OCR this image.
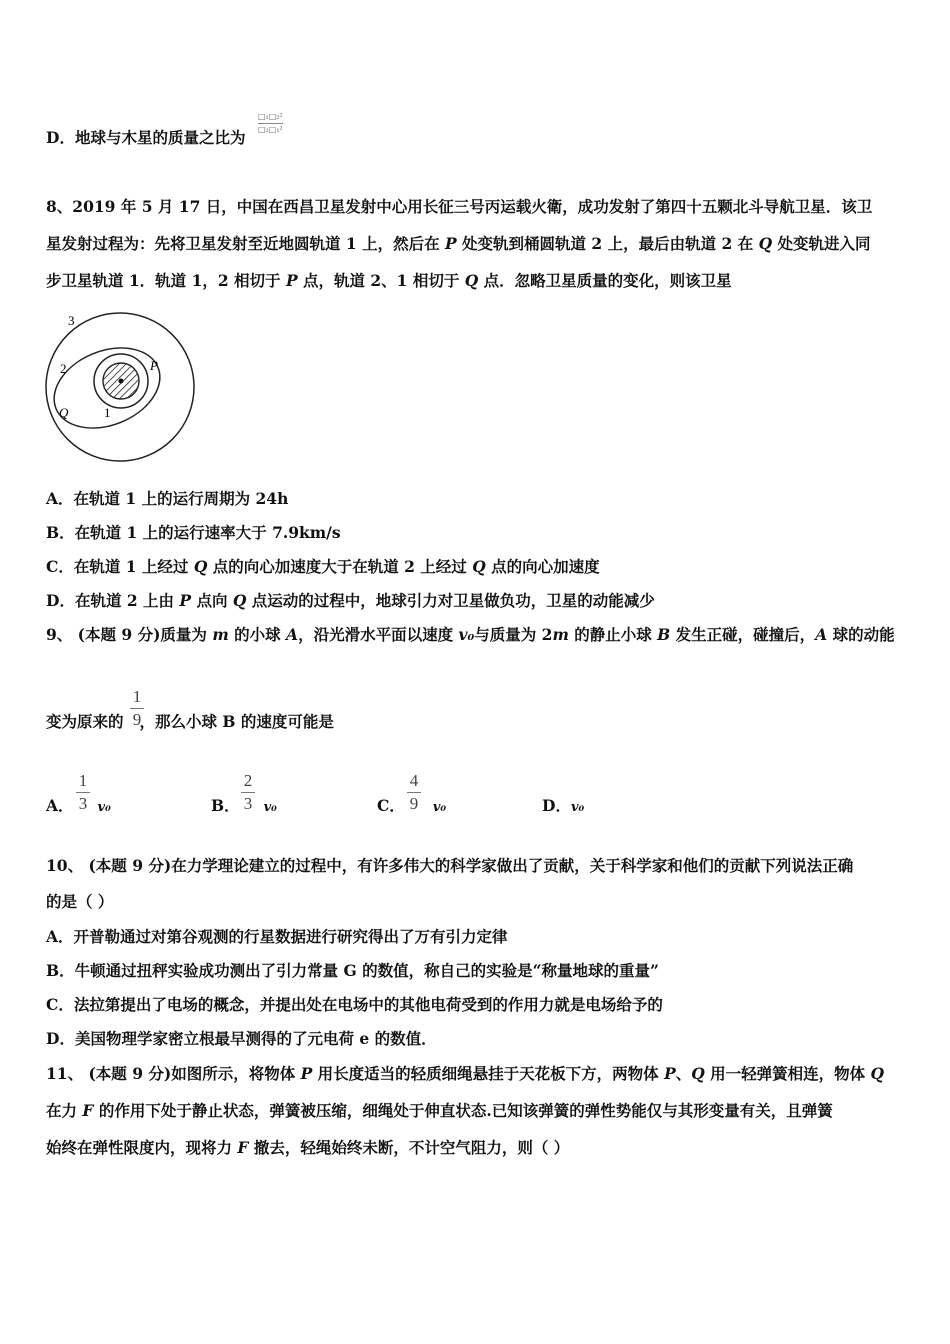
D．地球与木星的质量之比为
□₁□₂²
□₂□₁²
8、2019 年 5 月 17 日，中国在西昌卫星发射中心用长征三号丙运载火衛，成功发射了第四十五颗北斗导航卫星．该卫
星发射过程为：先将卫星发射至近地圆轨道 1 上，然后在 P 处变轨到桶圆轨道 2 上，最后由轨道 2 在 Q 处变轨进入同
步卫星轨道 1．轨道 1，2 相切于 P 点，轨道 2、1 相切于 Q 点．忽略卫星质量的变化，则该卫星
3
2
1
P
Q
A．在轨道 1 上的运行周期为 24h
B．在轨道 1 上的运行速率大于 7.9km/s
C．在轨道 1 上经过 Q 点的向心加速度大于在轨道 2 上经过 Q 点的向心加速度
D．在轨道 2 上由 P 点向 Q 点运动的过程中，地球引力对卫星做负功，卫星的动能减少
9、 (本题 9 分)质量为 m 的小球 A，沿光滑水平面以速度 v₀与质量为 2m 的静止小球 B 发生正碰，碰撞后，A 球的动能
变为原来的 ，那么小球 B 的速度可能是
1
9
A． v₀
1
3	B． v₀
2
3	C． v₀
4
9	D．v₀
10、 (本题 9 分)在力学理论建立的过程中，有许多伟大的科学家做出了贡献，关于科学家和他们的贡献下列说法正确
的是（ ）
A．开普勒通过对第谷观测的行星数据进行研究得出了万有引力定律
B．牛顿通过扭秤实验成功测出了引力常量 G 的数值，称自己的实验是“称量地球的重量”
C．法拉第提出了电场的概念，并提出处在电场中的其他电荷受到的作用力就是电场给予的
D．美国物理学家密立根最早测得的了元电荷 e 的数值．
11、 (本题 9 分)如图所示，将物体 P 用长度适当的轻质细绳悬挂于天花板下方，两物体 P、Q 用一轻弹簧相连，物体 Q
在力 F 的作用下处于静止状态，弹簧被压缩，细绳处于伸直状态.已知该弹簧的弹性势能仅与其形变量有关，且弹簧
始终在弹性限度内，现将力 F 撤去，轻绳始终未断，不计空气阻力，则（ ）
